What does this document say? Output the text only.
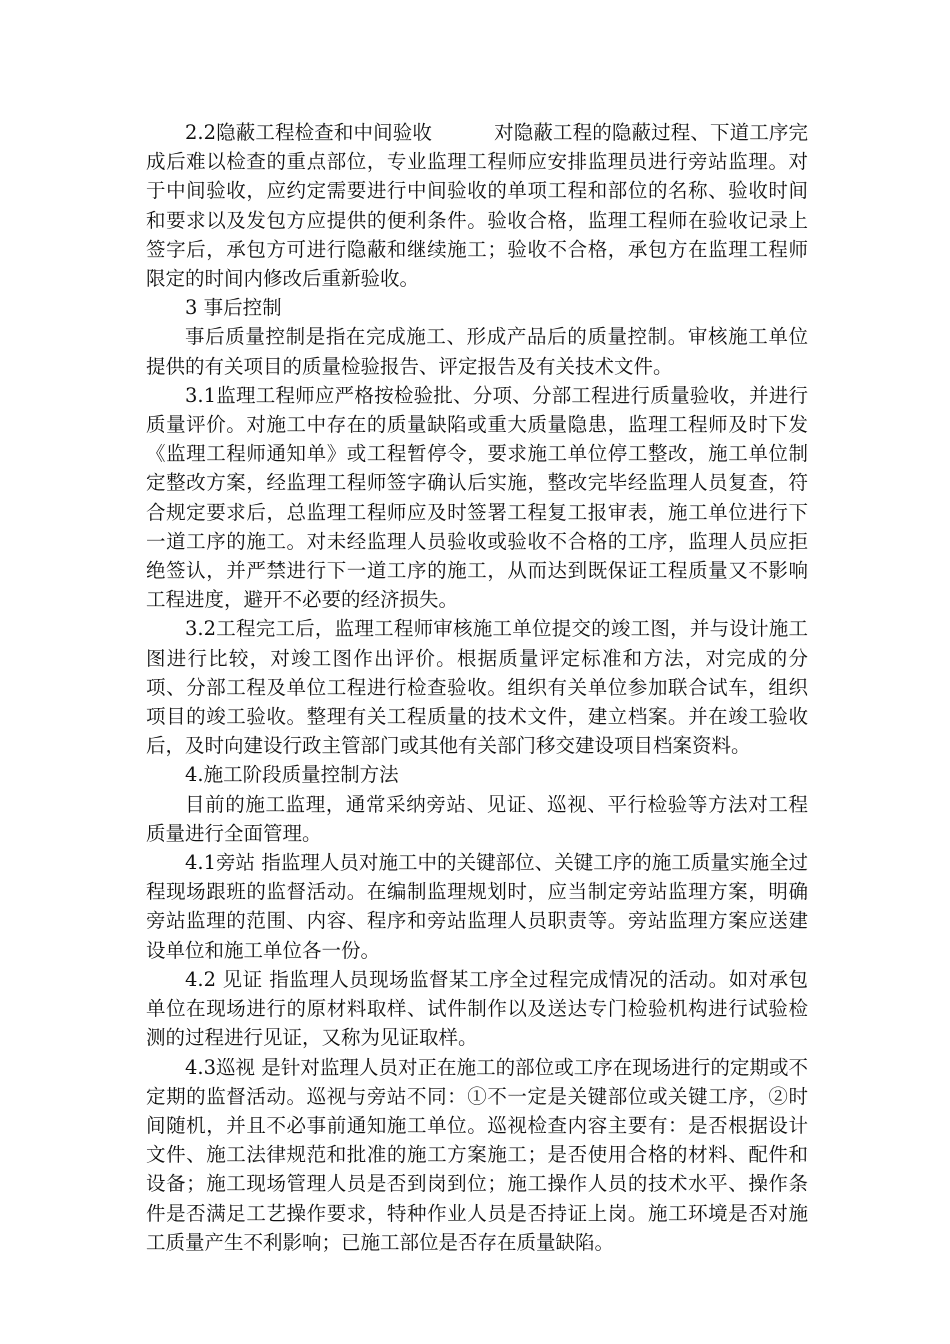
2.2隐蔽工程检查和中间验收	对隐蔽工程的隐蔽过程、下道工序完成后难以检查的重点部位，专业监理工程师应安排监理员进行旁站监理。对于中间验收，应约定需要进行中间验收的单项工程和部位的名称、验收时间和要求以及发包方应提供的便利条件。验收合格，监理工程师在验收记录上签字后，承包方可进行隐蔽和继续施工；验收不合格，承包方在监理工程师限定的时间内修改后重新验收。

3 事后控制

事后质量控制是指在完成施工、形成产品后的质量控制。审核施工单位提供的有关项目的质量检验报告、评定报告及有关技术文件。

3.1监理工程师应严格按检验批、分项、分部工程进行质量验收，并进行质量评价。对施工中存在的质量缺陷或重大质量隐患，监理工程师及时下发《监理工程师通知单》或工程暂停令，要求施工单位停工整改，施工单位制定整改方案，经监理工程师签字确认后实施，整改完毕经监理人员复查，符合规定要求后，总监理工程师应及时签署工程复工报审表，施工单位进行下一道工序的施工。对未经监理人员验收或验收不合格的工序，监理人员应拒绝签认，并严禁进行下一道工序的施工，从而达到既保证工程质量又不影响工程进度，避开不必要的经济损失。

3.2工程完工后，监理工程师审核施工单位提交的竣工图，并与设计施工图进行比较，对竣工图作出评价。根据质量评定标准和方法，对完成的分项、分部工程及单位工程进行检查验收。组织有关单位参加联合试车，组织项目的竣工验收。整理有关工程质量的技术文件，建立档案。并在竣工验收后，及时向建设行政主管部门或其他有关部门移交建设项目档案资料。

4.施工阶段质量控制方法

目前的施工监理，通常采纳旁站、见证、巡视、平行检验等方法对工程质量进行全面管理。

4.1旁站 指监理人员对施工中的关键部位、关键工序的施工质量实施全过程现场跟班的监督活动。在编制监理规划时，应当制定旁站监理方案，明确旁站监理的范围、内容、程序和旁站监理人员职责等。旁站监理方案应送建设单位和施工单位各一份。

4.2 见证 指监理人员现场监督某工序全过程完成情况的活动。如对承包单位在现场进行的原材料取样、试件制作以及送达专门检验机构进行试验检测的过程进行见证，又称为见证取样。

4.3巡视 是针对监理人员对正在施工的部位或工序在现场进行的定期或不定期的监督活动。巡视与旁站不同：①不一定是关键部位或关键工序，②时间随机，并且不必事前通知施工单位。巡视检查内容主要有：是否根据设计文件、施工法律规范和批准的施工方案施工；是否使用合格的材料、配件和设备；施工现场管理人员是否到岗到位；施工操作人员的技术水平、操作条件是否满足工艺操作要求，特种作业人员是否持证上岗。施工环境是否对施工质量产生不利影响；已施工部位是否存在质量缺陷。
